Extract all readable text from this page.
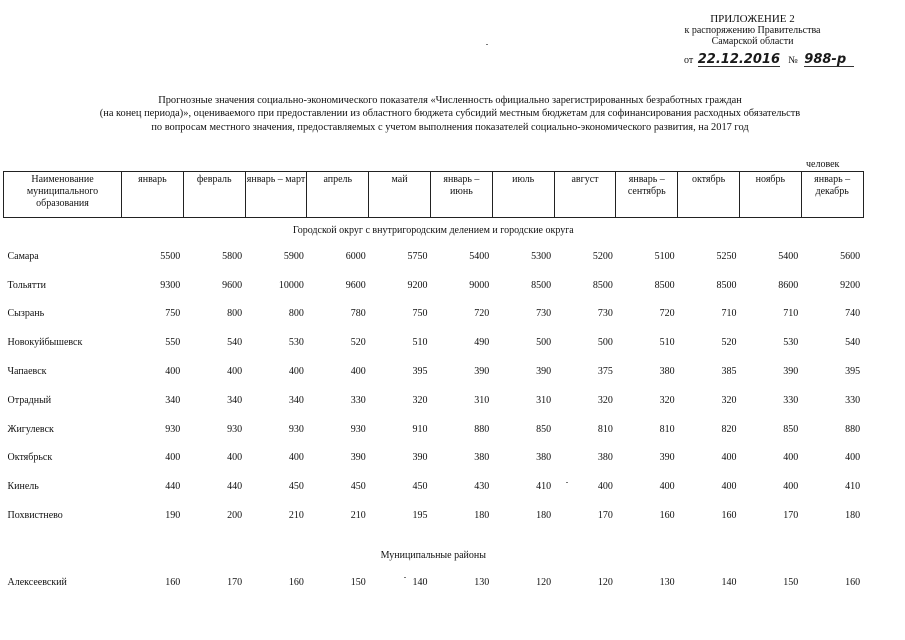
ПРИЛОЖЕНИЕ 2
к распоряжению Правительства
Самарской области
от 22.12.2016 № 988-р
Прогнозные значения социально-экономического показателя «Численность официально зарегистрированных безработных граждан
(на конец периода)», оцениваемого при предоставлении из областного бюджета субсидий местным бюджетам для софинансирования расходных обязательств
по вопросам местного значения, предоставляемых с учетом выполнения показателей социально-экономического развития, на 2017 год
человек
Наименование муниципального образования	январь	февраль	январь – март	апрель	май	январь – июнь	июль	август	январь – сентябрь	октябрь	ноябрь	январь – декабрь
Городской округ с внутригородским делением и городские округа												
Самара	5500	5800	5900	6000	5750	5400	5300	5200	5100	5250	5400	5600
Тольятти	9300	9600	10000	9600	9200	9000	8500	8500	8500	8500	8600	9200
Сызрань	750	800	800	780	750	720	730	730	720	710	710	740
Новокуйбышевск	550	540	530	520	510	490	500	500	510	520	530	540
Чапаевск	400	400	400	400	395	390	390	375	380	385	390	395
Отрадный	340	340	340	330	320	310	310	320	320	320	330	330
Жигулевск	930	930	930	930	910	880	850	810	810	820	850	880
Октябрьск	400	400	400	390	390	380	380	380	390	400	400	400
Кинель	440	440	450	450	450	430	410	400	400	400	400	410
Похвистнево	190	200	210	210	195	180	180	170	160	160	170	180

Муниципальные районы												
Алексеевский	160	170	160	150	140	130	120	120	130	140	150	160
